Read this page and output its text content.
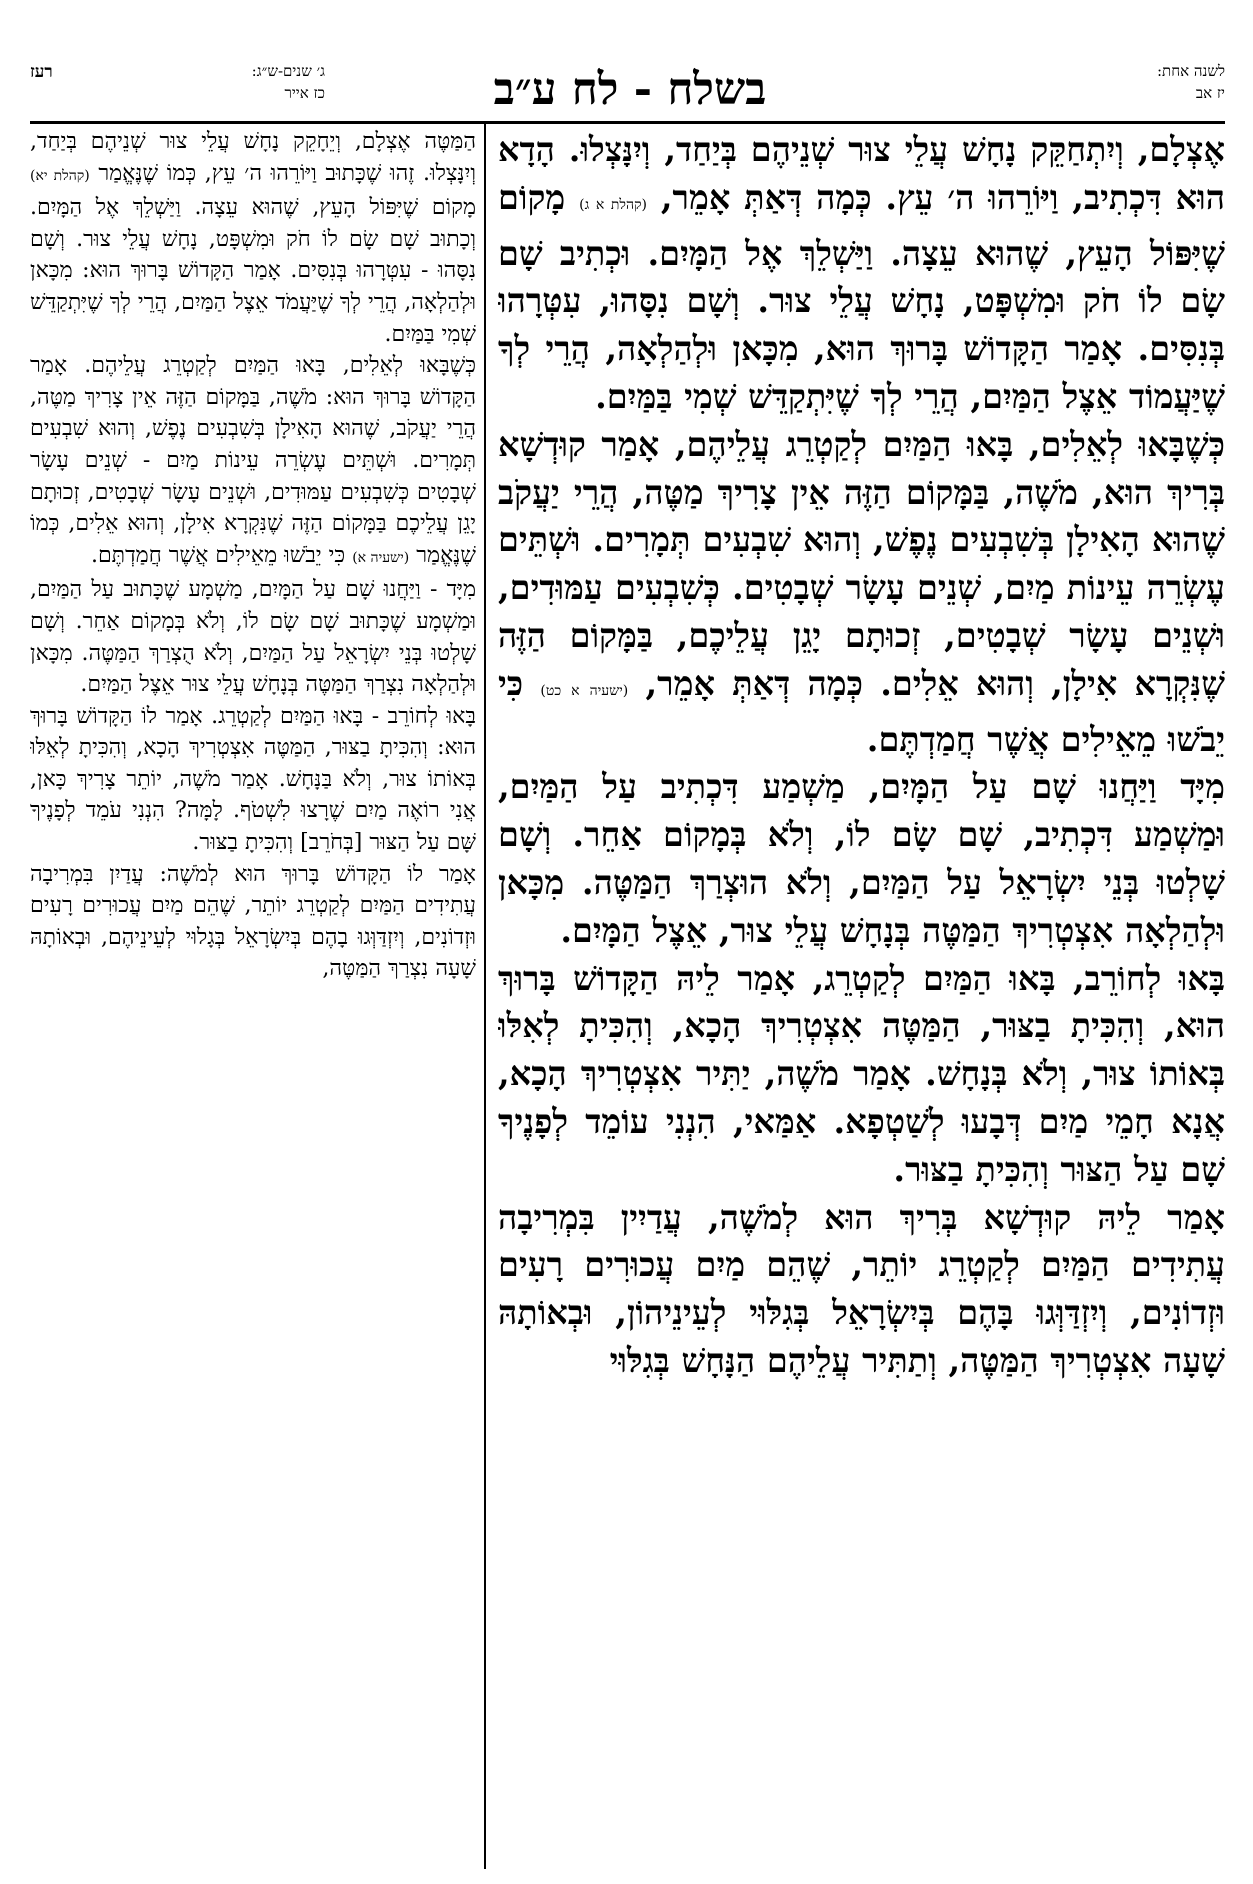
לשנה אחת:
יז אב
בשלח - לח ע״ב
ג׳ שנים-ש״ג:
כז אייר
רעז

אֶצְלָם, וְיִתְחַקֵּק נָחָשׁ עֲלֵי צוּר שְׁנֵיהֶם בְּיַחַד, וְיִנָּצְלוּ. הָדָא הוּא דִּכְתִיב, וַיּוֹרֵהוּ ה׳ עֵץ. כְּמָה דְּאַתְּ אָמֵר, (קהלת א ג) מָקוֹם שֶׁיִּפּוֹל הָעֵץ, שֶׁהוּא עֵצָה. וַיַּשְׁלֵךְ אֶל הַמָּיִם. וּכְתִיב שָׁם שָׂם לוֹ חֹק וּמִשְׁפָּט, נָחָשׁ עֲלֵי צוּר. וְשָׁם נִסָּהוּ, עִטְּרָהוּ בְּנִסִּים. אָמַר הַקָּדוֹשׁ בָּרוּךְ הוּא, מִכָּאן וּלְהַלְאָה, הֲרֵי לְךָ שֶׁיַּעֲמוֹד אֵצֶל הַמַּיִם, הֲרֵי לְךָ שֶׁיִּתְקַדֵּשׁ שְׁמִי בַּמַּיִם.

כְּשֶׁבָּאוּ לְאֵלִים, בָּאוּ הַמַּיִם לְקַטְרֵג עֲלֵיהֶם, אָמַר קוּדְשָׁא בְּרִיךְ הוּא, מֹשֶׁה, בַּמָּקוֹם הַזֶּה אֵין צָרִיךְ מַטֶּה, הֲרֵי יַעֲקֹב שֶׁהוּא הָאִילָן בְּשִׁבְעִים נֶפֶשׁ, וְהוּא שִׁבְעִים תְּמָרִים. וּשְׁתֵּים עֶשְׂרֵה עֵינוֹת מַיִם, שְׁנֵים עָשָׂר שְׁבָטִים. כְּשִׁבְעִים עַמּוּדִים, וּשְׁנֵים עָשָׂר שְׁבָטִים, זְכוּתָם יָגֵן עֲלֵיכֶם, בַּמָּקוֹם הַזֶּה שֶׁנִּקְרָא אִילָן, וְהוּא אֵלִים. כְּמָה דְּאַתְּ אָמֵר, (ישעיה א כט) כִּי יֵבֹשׁוּ מֵאֵילִים אֲשֶׁר חֲמַדְתֶּם.

מִיָּד וַיַּחֲנוּ שָׁם עַל הַמָּיִם, מַשְׁמַע דִּכְתִיב עַל הַמַּיִם, וּמַשְׁמַע דִּכְתִיב, שָׁם שָׂם לוֹ, וְלֹא בְּמָקוֹם אַחֵר. וְשָׁם שָׁלְטוּ בְּנֵי יִשְׂרָאֵל עַל הַמַּיִם, וְלֹא הוּצְרַךְ הַמַּטֶּה. מִכָּאן וּלְהַלְאָה אִצְטְרִיךְ הַמַּטֶּה בְּנָחָשׁ עֲלֵי צוּר, אֵצֶל הַמָּיִם.

בָּאוּ לְחוֹרֵב, בָּאוּ הַמַּיִם לְקַטְרֵג, אָמַר לֵיהּ הַקָּדוֹשׁ בָּרוּךְ הוּא, וְהִכִּיתָ בַצּוּר, הַמַּטֶּה אִצְטְרִיךְ הָכָא, וְהִכִּיתָ לְאִלּוּ בְּאוֹתוֹ צוּר, וְלֹא בְּנָחָשׁ. אָמַר מֹשֶׁה, יַתִּיר אִצְטְרִיךְ הָכָא, אֲנָא חָמֵי מַיִם דְּבָעוּ לְשַׁטְפָא. אַמַּאי, הִנְנִי עוֹמֵד לְפָנֶיךָ שָׁם עַל הַצּוּר וְהִכִּיתָ בַצּוּר.

אָמַר לֵיהּ קוּדְשָׁא בְּרִיךְ הוּא לְמֹשֶׁה, עֲדַיִין בִּמְרִיבָה עֲתִידִים הַמַּיִם לְקַטְרֵג יוֹתֵר, שֶׁהֵם מַיִם עֲכוּרִים רָעִים וּזְדוֹנִים, וְיִזְדַּוְּגוּ בָּהֶם בְּיִשְׂרָאֵל בְּגִלּוּי לְעֵינֵיהוֹן, וּבְאוֹתָהּ שָׁעָה אִצְטְרִיךְ הַמַּטֶּה, וְתַתִּיר עֲלֵיהֶם הַנָּחָשׁ בְּגִלּוּי

הַמַּטֶּה אֶצְלָם, וְיֵחָקֵק נָחָשׁ עֲלֵי צוּר שְׁנֵיהֶם בְּיַחַד, וְיִנָּצְלוּ. זֶהוּ שֶׁכָּתוּב וַיּוֹרֵהוּ ה׳ עֵץ, כְּמוֹ שֶׁנֶּאֱמַר (קהלת יא) מָקוֹם שֶׁיִּפּוֹל הָעֵץ, שֶׁהוּא עֵצָה. וַיַּשְׁלֵךְ אֶל הַמָּיִם. וְכָתוּב שָׁם שָׂם לוֹ חֹק וּמִשְׁפָּט, נָחָשׁ עֲלֵי צוּר. וְשָׁם נִסָּהוּ - עִטְּרָהוּ בְּנִסִּים. אָמַר הַקָּדוֹשׁ בָּרוּךְ הוּא: מִכָּאן וּלְהַלְאָה, הֲרֵי לְךָ שֶׁיַּעֲמֹד אֵצֶל הַמַּיִם, הֲרֵי לְךָ שֶׁיִּתְקַדֵּשׁ שְׁמִי בַּמַּיִם.

כְּשֶׁבָּאוּ לְאֵלִים, בָּאוּ הַמַּיִם לְקַטְרֵג עֲלֵיהֶם. אָמַר הַקָּדוֹשׁ בָּרוּךְ הוּא: מֹשֶׁה, בַּמָּקוֹם הַזֶּה אֵין צָרִיךְ מַטֶּה, הֲרֵי יַעֲקֹב, שֶׁהוּא הָאִילָן בְּשִׁבְעִים נֶפֶשׁ, וְהוּא שִׁבְעִים תְּמָרִים. וּשְׁתֵּים עֶשְׂרֵה עֵינוֹת מַיִם - שְׁנֵים עָשָׂר שְׁבָטִים כְּשִׁבְעִים עַמּוּדִים, וּשְׁנֵים עָשָׂר שְׁבָטִים, זְכוּתָם יָגֵן עֲלֵיכֶם בַּמָּקוֹם הַזֶּה שֶׁנִּקְרָא אִילָן, וְהוּא אֵלִים, כְּמוֹ שֶׁנֶּאֱמַר (ישעיה א) כִּי יֵבֹשׁוּ מֵאֵילִים אֲשֶׁר חֲמַדְתֶּם.

מִיָּד - וַיַּחֲנוּ שָׁם עַל הַמָּיִם, מַשְׁמָע שֶׁכָּתוּב עַל הַמַּיִם, וּמַשְׁמָע שֶׁכָּתוּב שָׁם שָׂם לוֹ, וְלֹא בְּמָקוֹם אַחֵר. וְשָׁם שָׁלְטוּ בְּנֵי יִשְׂרָאֵל עַל הַמַּיִם, וְלֹא הֻצְרַךְ הַמַּטֶּה. מִכָּאן וּלְהַלְאָה נִצְרַךְ הַמַּטֶּה בְּנָחָשׁ עֲלֵי צוּר אֵצֶל הַמַּיִם.

בָּאוּ לְחוֹרֵב - בָּאוּ הַמַּיִם לְקַטְרֵג. אָמַר לוֹ הַקָּדוֹשׁ בָּרוּךְ הוּא: וְהִכִּיתָ בַצּוּר, הַמַּטֶּה אִצְטְרִיךְ הָכָא, וְהִכִּיתָ לְאֵלּוּ בְּאוֹתוֹ צוּר, וְלֹא בַּנָּחָשׁ. אָמַר מֹשֶׁה, יוֹתֵר צָרִיךְ כָּאן, אֲנִי רוֹאֶה מַיִם שֶׁרָצוּ לִשְׁטֹף. לָמָּה? הִנְנִי עֹמֵד לְפָנֶיךָ שָּׁם עַל הַצּוּר [בְּחֹרֵב] וְהִכִּיתָ בַצּוּר.

אָמַר לוֹ הַקָּדוֹשׁ בָּרוּךְ הוּא לְמֹשֶׁה: עֲדַיִן בִּמְרִיבָה עֲתִידִים הַמַּיִם לְקַטְרֵג יוֹתֵר, שֶׁהֵם מַיִם עֲכוּרִים רָעִים וּזְדוֹנִים, וְיִזְדַּוְּגוּ בָהֶם בְּיִשְׂרָאֵל בְּגָלוּי לְעֵינֵיהֶם, וּבְאוֹתָהּ שָׁעָה נִצְרַךְ הַמַּטֶּה,
